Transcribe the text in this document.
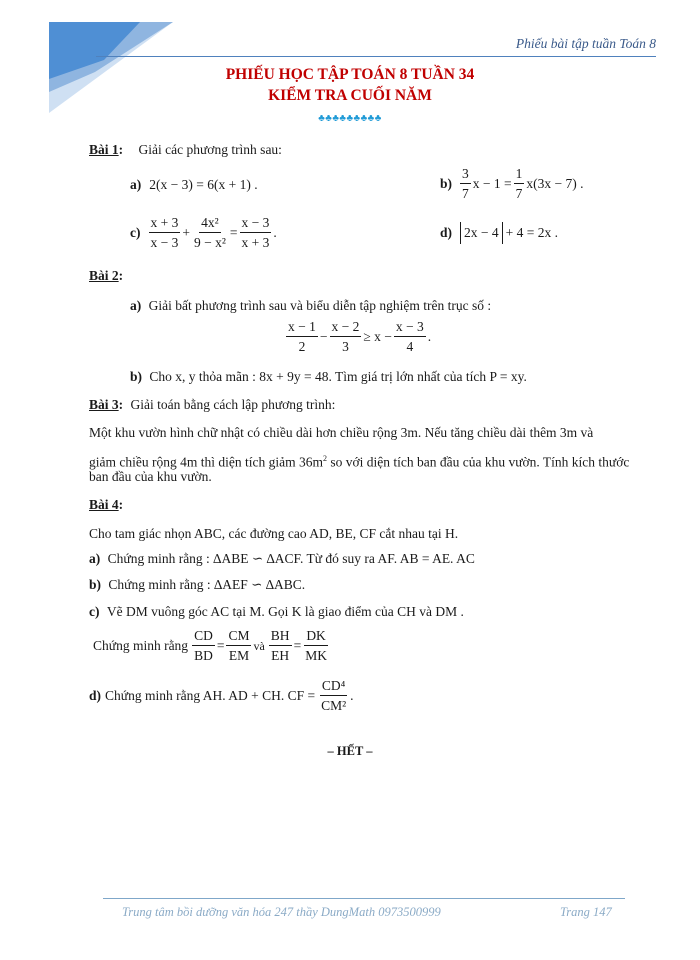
Phiếu bài tập tuần Toán 8
PHIẾU HỌC TẬP TOÁN 8 TUẦN 34
KIỂM TRA CUỐI NĂM
♣♣♣♣♣♣♣♣♣
Bài 1: Giải các phương trình sau:
a) 2(x − 3) = 6(x + 1) .	$b) \frac{3}{7}$ $x - 1 = \frac{1}{7} x(3x - 7)$ .
$c) \frac{x + 3}{x - 3} + \frac{\text{4x²}}{\text{9 − x²}} = \frac{x - 3}{x + 3}$ .	d) 2x − 4 + 4 = 2x .
Bài 2:
a) Giải bất phương trình sau và biểu diễn tập nghiệm trên trục số :
$\frac{x - 1}{2} - \frac{x - 2}{3} \ge x - \frac{x - 3}{4}$ .
b) Cho x, y thỏa mãn : 8x + 9y = 48. Tìm giá trị lớn nhất của tích P = xy.
Bài 3: Giải toán bằng cách lập phương trình:
Một khu vườn hình chữ nhật có chiều dài hơn chiều rộng 3m. Nếu tăng chiều dài thêm 3m và
giảm chiều rộng 4m thì diện tích giảm $36m^2$ so với diện tích ban đầu của khu vườn. Tính kích thước
ban đầu của khu vườn.
Bài 4:
Cho tam giác nhọn ABC, các đường cao AD, BE, CF cắt nhau tại H.
a) Chứng minh rằng : ∆ABE ∽ ∆ACF. Từ đó suy ra AF. AB = AE. AC
b) Chứng minh rằng : ∆AEF ∽ ∆ABC.
c) Vẽ DM vuông góc AC tại M. Gọi K là giao điểm của CH và DM .
Chứng minh rằng $\frac{CD}{BD} = \frac{CM}{EM}$ và $\frac{BH}{EH} = \frac{DK}{MK}$
d) Chứng minh rằng AH. AD + CH. CF = $\frac{\text{CD⁴}}{\text{CM²}}$ .
– HẾT –
Trung tâm bồi dưỡng văn hóa 247 thầy DungMath 0973500999	Trang 147
